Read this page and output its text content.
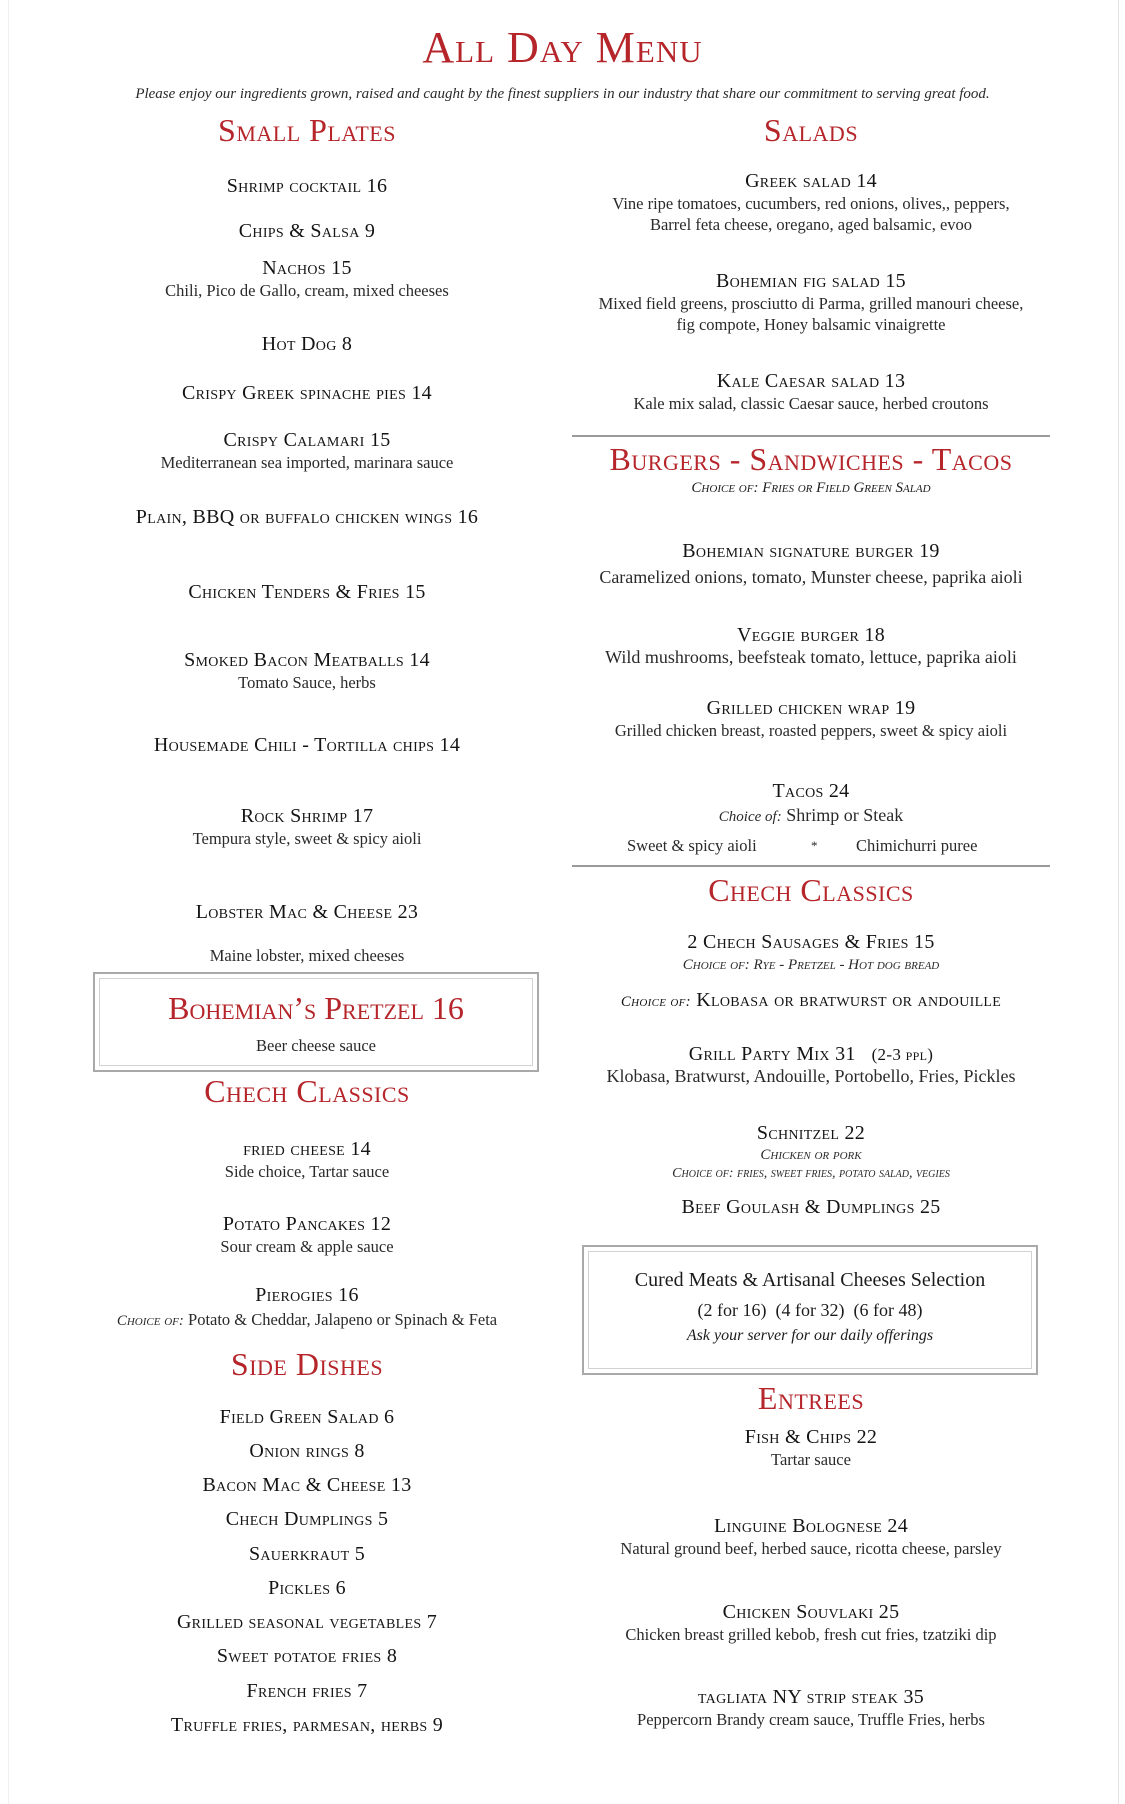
All Day Menu
Please enjoy our ingredients grown, raised and caught by the finest suppliers in our industry that share our commitment to serving great food.
Small Plates
Shrimp cocktail 16
Chips & Salsa 9
Nachos 15
Chili, Pico de Gallo, cream, mixed cheeses
Hot Dog 8
Crispy Greek spinache pies 14
Crispy Calamari 15
Mediterranean sea imported, marinara sauce
Plain, BBQ or buffalo chicken wings 16
Chicken Tenders & Fries 15
Smoked Bacon Meatballs 14
Tomato Sauce, herbs
Housemade Chili - Tortilla chips 14
Rock Shrimp 17
Tempura style, sweet & spicy aioli
Lobster Mac & Cheese 23
Maine lobster, mixed cheeses
Bohemian’s Pretzel 16
Beer cheese sauce
Chech Classics
fried cheese 14
Side choice, Tartar sauce
Potato Pancakes 12
Sour cream & apple sauce
Pierogies 16
Choice of: Potato & Cheddar, Jalapeno or Spinach & Feta
Side Dishes
Field Green Salad 6
Onion rings 8
Bacon Mac & Cheese 13
Chech Dumplings 5
Sauerkraut 5
Pickles 6
Grilled seasonal vegetables 7
Sweet potatoe fries 8
French fries 7
Truffle fries, parmesan, herbs 9
Salads
Greek salad 14
Vine ripe tomatoes, cucumbers, red onions, olives,, peppers,
Barrel feta cheese, oregano, aged balsamic, evoo
Bohemian fig salad 15
Mixed field greens, prosciutto di Parma, grilled manouri cheese,
fig compote, Honey balsamic vinaigrette
Kale Caesar salad 13
Kale mix salad, classic Caesar sauce, herbed croutons
Burgers - Sandwiches - Tacos
Choice of: Fries or Field Green Salad
Bohemian signature burger 19
Caramelized onions, tomato, Munster cheese, paprika aioli
Veggie burger 18
Wild mushrooms, beefsteak tomato, lettuce, paprika aioli
Grilled chicken wrap 19
Grilled chicken breast, roasted peppers, sweet & spicy aioli
Tacos 24
Choice of: Shrimp or Steak
Sweet & spicy aioli	* Chimichurri puree
Chech Classics
2 Chech Sausages & Fries 15
Choice of: Rye - Pretzel - Hot dog bread
Choice of: Klobasa or bratwurst or andouille
Grill Party Mix 31 (2-3 ppl)
Klobasa, Bratwurst, Andouille, Portobello, Fries, Pickles
Schnitzel 22
Chicken or pork
Choice of: fries, sweet fries, potato salad, vegies
Beef Goulash & Dumplings 25
Cured Meats & Artisanal Cheeses Selection
(2 for 16)  (4 for 32)  (6 for 48)
Ask your server for our daily offerings
Entrees
Fish & Chips 22
Tartar sauce
Linguine Bolognese 24
Natural ground beef, herbed sauce, ricotta cheese, parsley
Chicken Souvlaki 25
Chicken breast grilled kebob, fresh cut fries, tzatziki dip
tagliata NY strip steak 35
Peppercorn Brandy cream sauce, Truffle Fries, herbs
